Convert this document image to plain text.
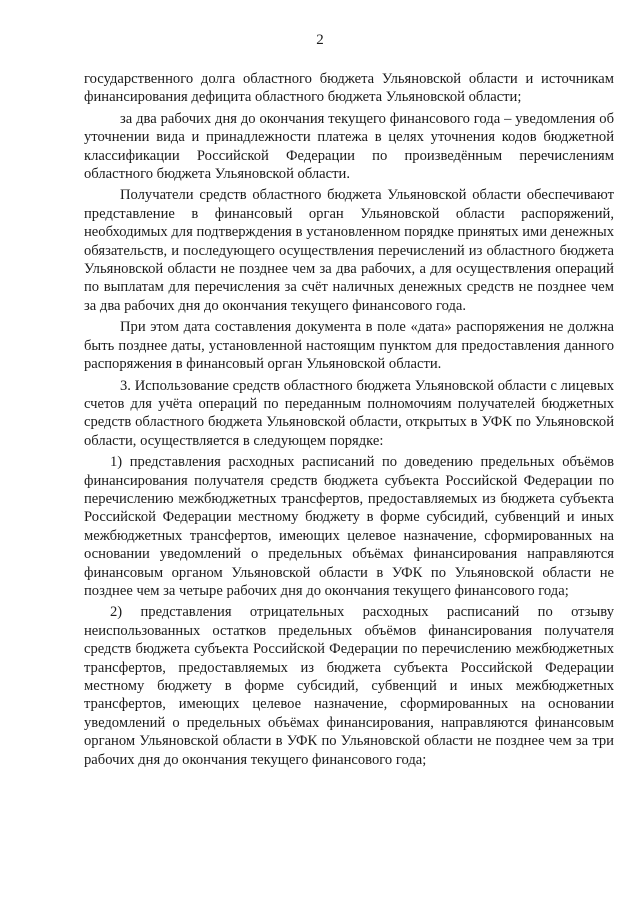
2

государственного долга областного бюджета Ульяновской области и источникам финансирования дефицита областного бюджета Ульяновской области;

за два рабочих дня до окончания текущего финансового года – уведомления об уточнении вида и принадлежности платежа в целях уточнения кодов бюджетной классификации Российской Федерации по произведённым перечислениям областного бюджета Ульяновской области.

Получатели средств областного бюджета Ульяновской области обеспечивают представление в финансовый орган Ульяновской области распоряжений, необходимых для подтверждения в установленном порядке принятых ими денежных обязательств, и последующего осуществления перечислений из областного бюджета Ульяновской области не позднее чем за два рабочих, а для осуществления операций по выплатам для перечисления за счёт наличных денежных средств не позднее чем за два рабочих дня до окончания текущего финансового года.

При этом дата составления документа в поле «дата» распоряжения не должна быть позднее даты, установленной настоящим пунктом для предоставления данного распоряжения в финансовый орган Ульяновской области.

3. Использование средств областного бюджета Ульяновской области с лицевых счетов для учёта операций по переданным полномочиям получателей бюджетных средств областного бюджета Ульяновской области, открытых в УФК по Ульяновской области, осуществляется в следующем порядке:

1) представления расходных расписаний по доведению предельных объёмов финансирования получателя средств бюджета субъекта Российской Федерации по перечислению межбюджетных трансфертов, предоставляемых из бюджета субъекта Российской Федерации местному бюджету в форме субсидий, субвенций и иных межбюджетных трансфертов, имеющих целевое назначение, сформированных на основании уведомлений о предельных объёмах финансирования направляются финансовым органом Ульяновской области в УФК по Ульяновской области не позднее чем за четыре рабочих дня до окончания текущего финансового года;

2) представления отрицательных расходных расписаний по отзыву неиспользованных остатков предельных объёмов финансирования получателя средств бюджета субъекта Российской Федерации по перечислению межбюджетных трансфертов, предоставляемых из бюджета субъекта Российской Федерации местному бюджету в форме субсидий, субвенций и иных межбюджетных трансфертов, имеющих целевое назначение, сформированных на основании уведомлений о предельных объёмах финансирования, направляются финансовым органом Ульяновской области в УФК по Ульяновской области не позднее чем за три рабочих дня до окончания текущего финансового года;
